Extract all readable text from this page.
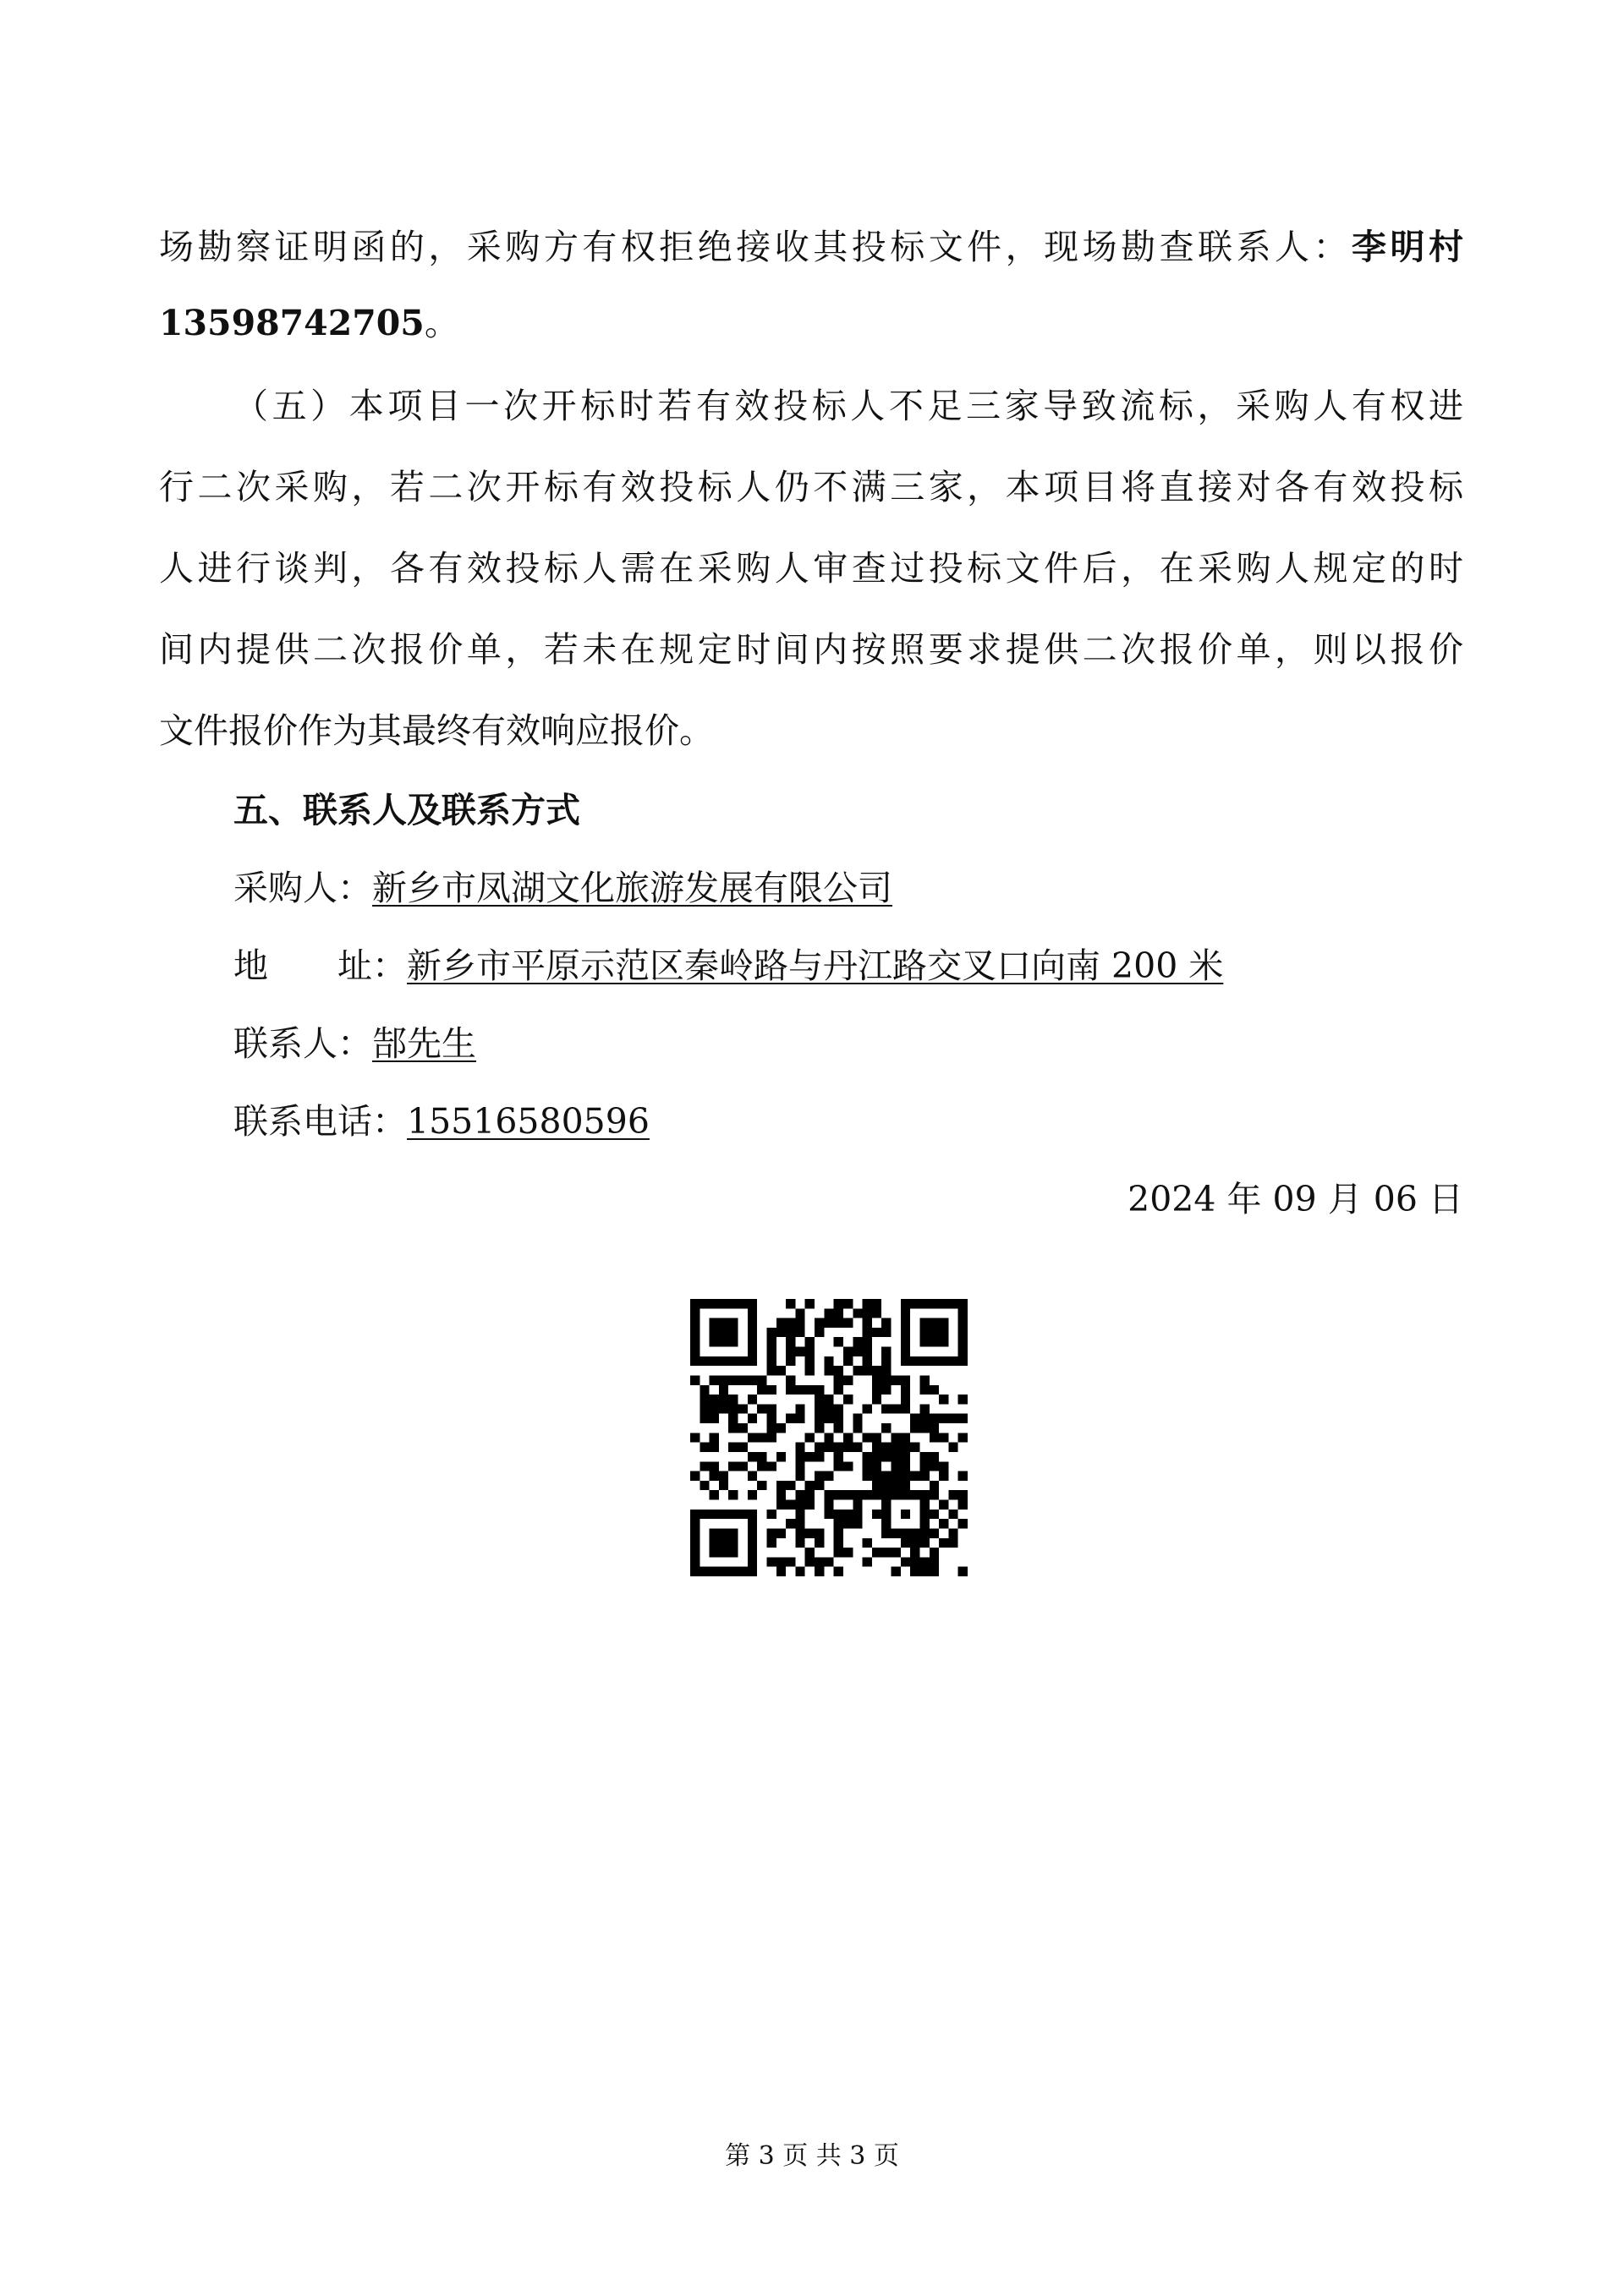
场勘察证明函的，采购方有权拒绝接收其投标文件，现场勘查联系人：李明村
13598742705。
（五）本项目一次开标时若有效投标人不足三家导致流标，采购人有权进
行二次采购，若二次开标有效投标人仍不满三家，本项目将直接对各有效投标
人进行谈判，各有效投标人需在采购人审查过投标文件后，在采购人规定的时
间内提供二次报价单，若未在规定时间内按照要求提供二次报价单，则以报价
文件报价作为其最终有效响应报价。
五、联系人及联系方式
采购人：新乡市凤湖文化旅游发展有限公司
地 址：新乡市平原示范区秦岭路与丹江路交叉口向南 200 米
联系人：郜先生
联系电话：15516580596
2024 年 09 月 06 日
第 3 页 共 3 页
